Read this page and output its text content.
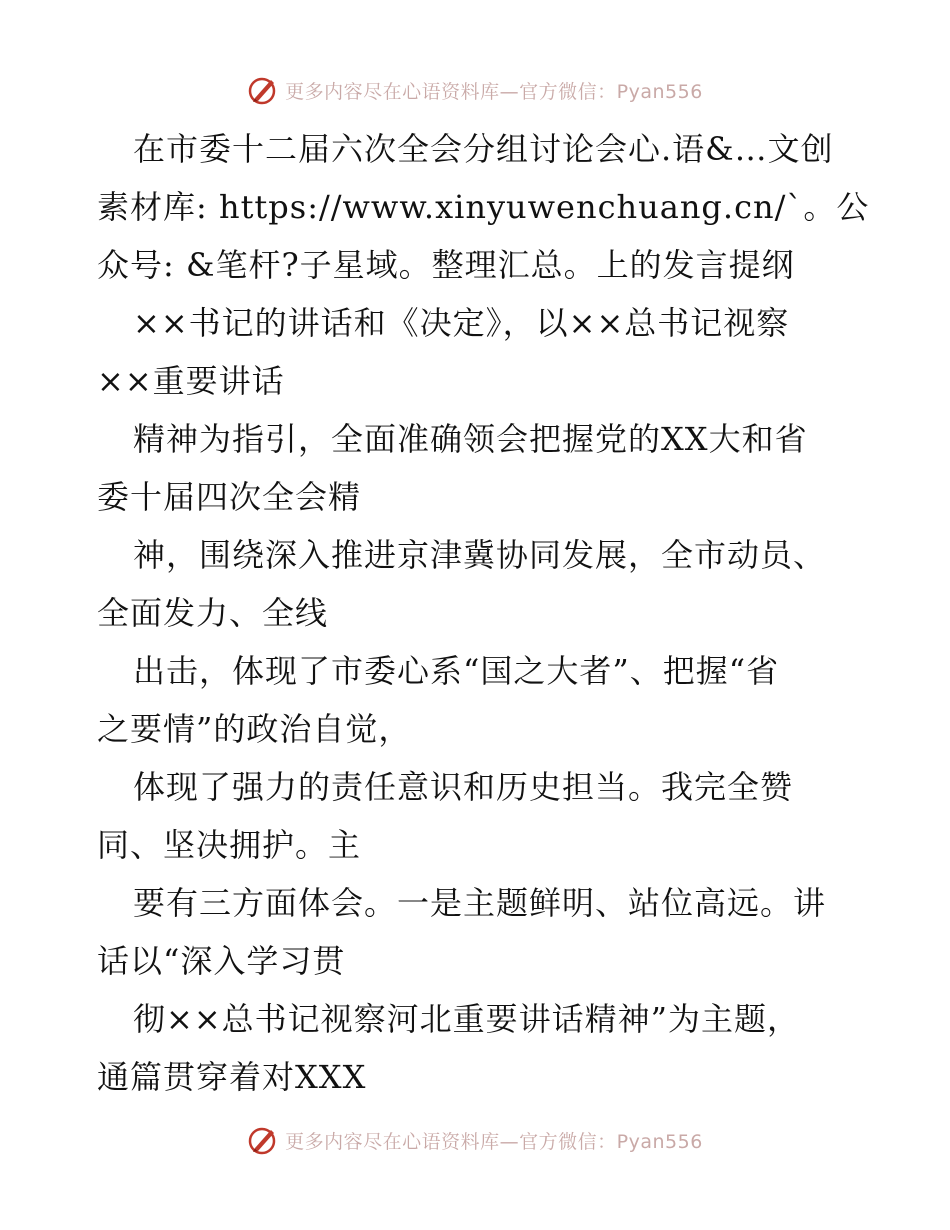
更多内容尽在心语资料库—官方微信：Pyan556
在市委十二届六次全会分组讨论会心.语&…文创
素材库: https://www.xinyuwenchuang.cn/`。公
众号: &笔杆?子星域。整理汇总。上的发言提纲
××书记的讲话和《决定》，以××总书记视察
××重要讲话
精神为指引，全面准确领会把握党的XX大和省
委十届四次全会精
神，围绕深入推进京津冀协同发展，全市动员、
全面发力、全线
出击，体现了市委心系“国之大者”、把握“省
之要情”的政治自觉，
体现了强力的责任意识和历史担当。我完全赞
同、坚决拥护。主
要有三方面体会。一是主题鲜明、站位高远。讲
话以“深入学习贯
彻××总书记视察河北重要讲话精神”为主题，
通篇贯穿着对XXX
更多内容尽在心语资料库—官方微信：Pyan556
